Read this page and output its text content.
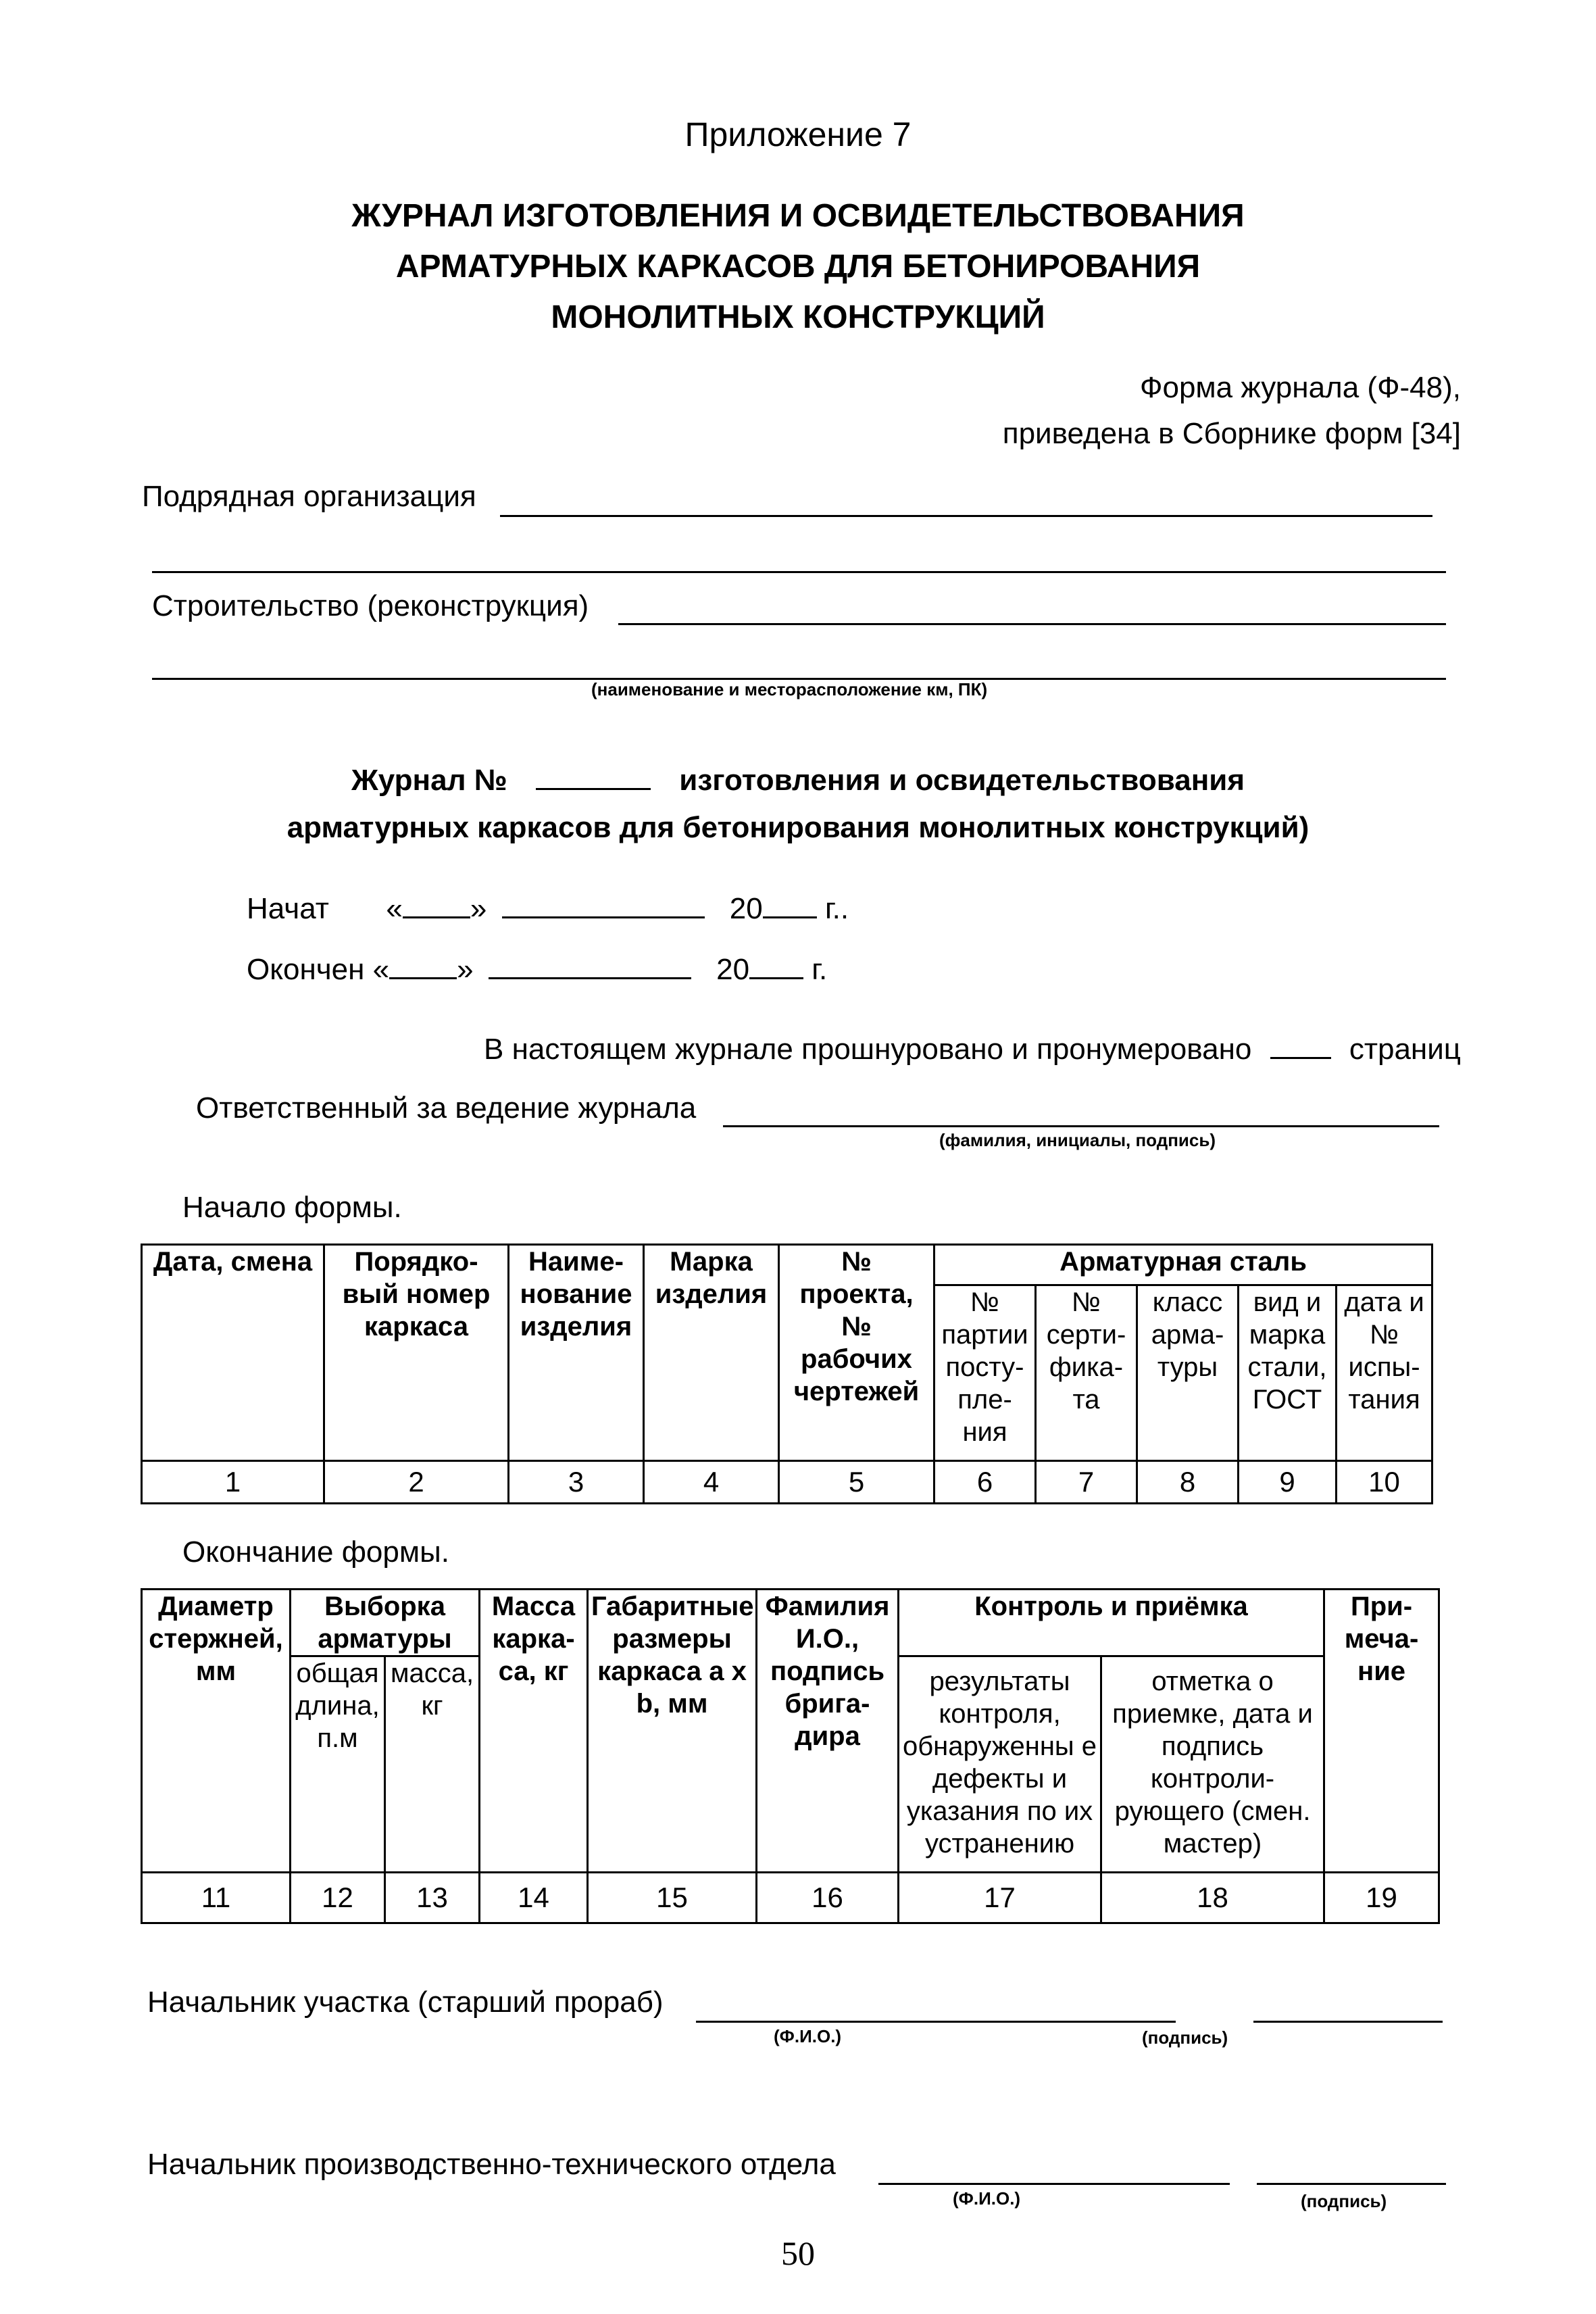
Приложение 7
ЖУРНАЛ ИЗГОТОВЛЕНИЯ И ОСВИДЕТЕЛЬСТВОВАНИЯ
АРМАТУРНЫХ КАРКАСОВ ДЛЯ БЕТОНИРОВАНИЯ
МОНОЛИТНЫХ КОНСТРУКЦИЙ
Форма журнала (Ф-48),
приведена в Сборнике форм [34]
Подрядная организация
Строительство (реконструкция)
(наименование и месторасположение км, ПК)
Журнал №	изготовления и освидетельствования
арматурных каркасов для бетонирования монолитных конструкций)
Начат « »	20 г..
Окончен « »	20 г.
В настоящем журнале прошнуровано и пронумеровано	страниц
Ответственный за ведение журнала
(фамилия, инициалы, подпись)
Начало формы.
Дата, смена	Порядко-вый номер каркаса	Наиме-нование изделия	Марка изделия	№ проекта, № рабочих чертежей	Арматурная сталь				
					№ партии посту-пле-ния	№ серти-фика-та	класс арма-туры	вид и марка стали, ГОСТ	дата и № испы-тания
1	2	3	4	5	6	7	8	9	10
Окончание формы.
Диаметр стержней, мм	Выборка арматуры		Масса карка-са, кг	Габаритные размеры каркаса а x b, мм	Фамилия И.О., подпись брига-дира	Контроль и приёмка		При-меча-ние
	общая длина, п.м	масса, кг				результаты контроля, обнаруженны е дефекты и указания по их устранению	отметка о приемке, дата и подпись контроли-рующего (смен. мастер)	
11	12	13	14	15	16	17	18	19
Начальник участка (старший прораб)
(Ф.И.О.)	(подпись)
Начальник производственно-технического отдела
(Ф.И.О.)	(подпись)
50
